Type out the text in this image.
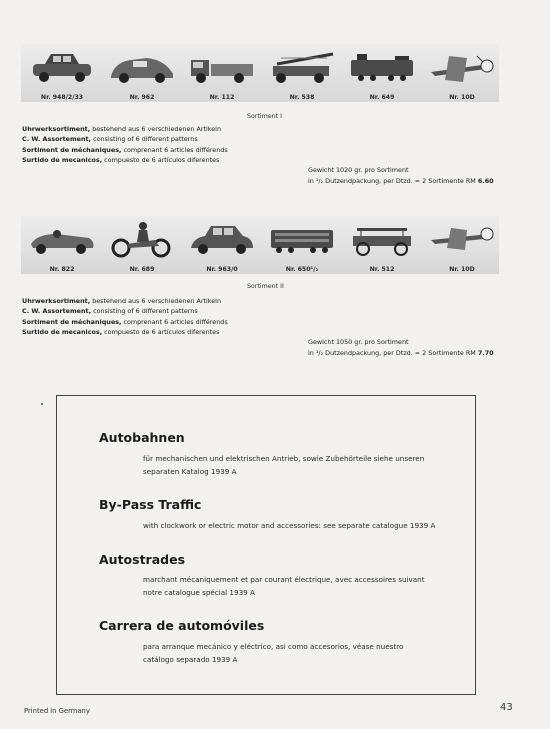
Nr. 948/2/33	Nr. 962	Nr. 112	Nr. 538	Nr. 649	Nr. 10D
Sortiment I
Uhrwerksortiment, bestehend aus 6 verschiedenen Artikeln
C. W. Assortement, consisting of 6 different patterns
Sortiment de méchaniques, comprenant 6 articles différends
Surtido de mecanicos, compuesto de 6 artículos diferentes
Gewicht 1020 gr. pro Sortiment
in ¹/₂ Dutzendpackung, per Dtzd. = 2 Sortimente RM 6.60
Nr. 822	Nr. 689	Nr. 963/0	Nr. 650¹/₂	Nr. 512	Nr. 10D
Sortiment II
Uhrwerksortiment, bestehend aus 6 verschiedenen Artikeln
C. W. Assortement, consisting of 6 different patterns
Sortiment de méchaniques, comprenant 6 articles différends
Surtido de mecanicos, compuesto de 6 artículos diferentes
Gewicht 1050 gr. pro Sortiment
in ¹/₂ Dutzendpackung, per Dtzd. = 2 Sortimente RM 7.70
Autobahnen
für mechanischen und elektrischen Antrieb, sowie Zubehörteile siehe unseren
separaten Katalog 1939 A
By-Pass Traffic
with clockwork or electric motor and accessories: see separate catalogue 1939 A
Autostrades
marchant mécaniquement et par courant électrique, avec accessoires suivant
notre catalogue spécial 1939 A
Carrera de automóviles
para arranque mecánico y eléctrico, asi como accesorios, véase nuestro
catálogo separado 1939 A
Printed in Germany	43
